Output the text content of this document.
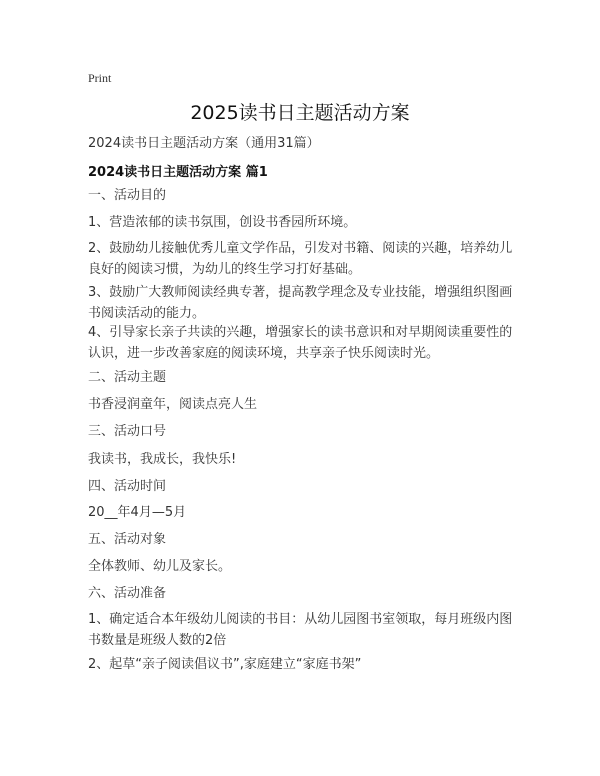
Print
2025读书日主题活动方案
2024读书日主题活动方案（通用31篇）
2024读书日主题活动方案 篇1
一、活动目的
1、营造浓郁的读书氛围，创设书香园所环境。
2、鼓励幼儿接触优秀儿童文学作品，引发对书籍、阅读的兴趣，培养幼儿良好的阅读习惯，为幼儿的终生学习打好基础。
3、鼓励广大教师阅读经典专著，提高教学理念及专业技能，增强组织图画书阅读活动的能力。
4、引导家长亲子共读的兴趣，增强家长的读书意识和对早期阅读重要性的认识，进一步改善家庭的阅读环境，共享亲子快乐阅读时光。
二、活动主题
书香浸润童年，阅读点亮人生
三、活动口号
我读书，我成长，我快乐!
四、活动时间
20__年4月—5月
五、活动对象
全体教师、幼儿及家长。
六、活动准备
1、确定适合本年级幼儿阅读的书目：从幼儿园图书室领取，每月班级内图书数量是班级人数的2倍
2、起草“亲子阅读倡议书”,家庭建立“家庭书架”
